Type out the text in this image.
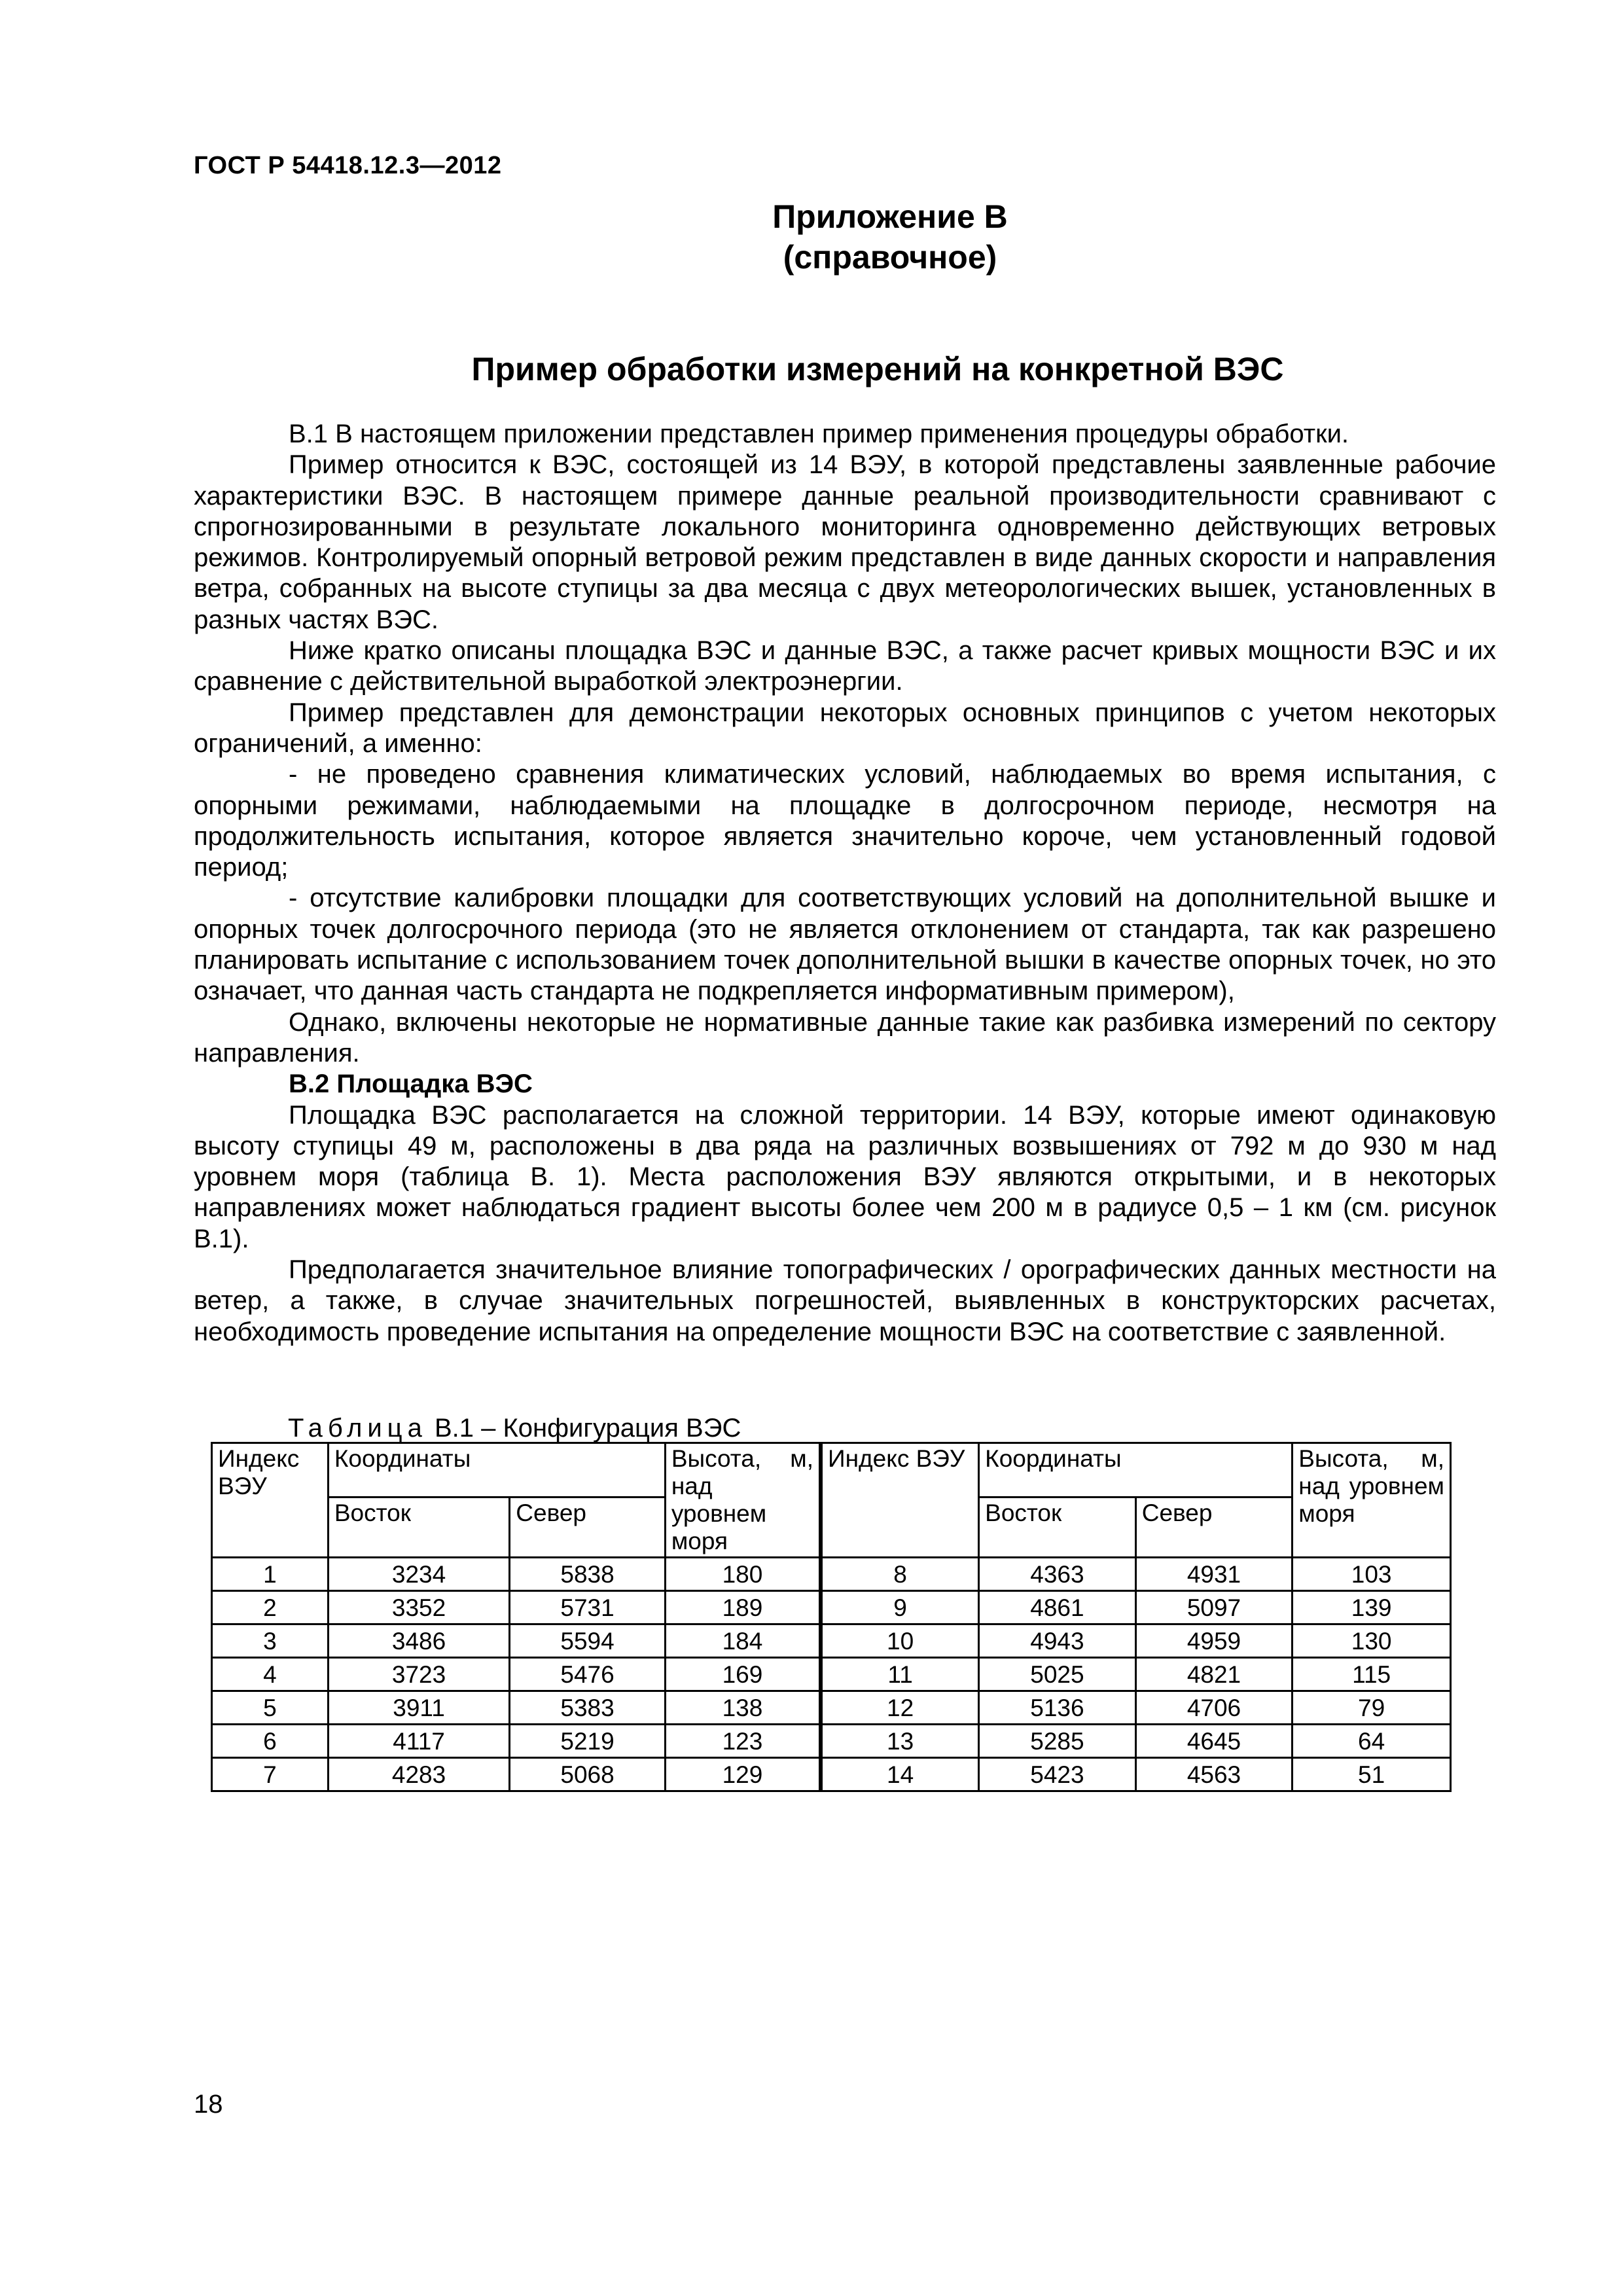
ГОСТ Р 54418.12.3—2012
Приложение В
(справочное)
Пример обработки измерений на конкретной ВЭС

В.1 В настоящем приложении представлен пример применения процедуры обработки.

Пример относится к ВЭС, состоящей из 14 ВЭУ, в которой представлены заявленные рабочие характеристики ВЭС. В настоящем примере данные реальной производительности сравнивают с спрогнозированными в результате локального мониторинга одновременно действующих ветровых режимов. Контролируемый опорный ветровой режим представлен в виде данных скорости и направления ветра, собранных на высоте ступицы за два месяца с двух метеорологических вышек, установленных в разных частях ВЭС.

Ниже кратко описаны площадка ВЭС и данные ВЭС, а также расчет кривых мощности ВЭС и их сравнение с действительной выработкой электроэнергии.

Пример представлен для демонстрации некоторых основных принципов с учетом некоторых ограничений, а именно:

- не проведено сравнения климатических условий, наблюдаемых во время испытания, с опорными режимами, наблюдаемыми на площадке в долгосрочном периоде, несмотря на продолжительность испытания, которое является значительно короче, чем установленный годовой период;

- отсутствие калибровки площадки для соответствующих условий на дополнительной вышке и опорных точек долгосрочного периода (это не является отклонением от стандарта, так как разрешено планировать испытание с использованием точек дополнительной вышки в качестве опорных точек, но это означает, что данная часть стандарта не подкрепляется информативным примером),

Однако, включены некоторые не нормативные данные такие как разбивка измерений по сектору направления.

В.2 Площадка ВЭС

Площадка ВЭС располагается на сложной территории. 14 ВЭУ, которые имеют одинаковую высоту ступицы 49 м, расположены в два ряда на различных возвышениях от 792 м до 930 м над уровнем моря (таблица В. 1). Места расположения ВЭУ являются открытыми, и в некоторых направлениях может наблюдаться градиент высоты более чем 200 м в радиусе 0,5 – 1 км (см. рисунок В.1).

Предполагается значительное влияние топографических / орографических данных местности на ветер, а также, в случае значительных погрешностей, выявленных в конструкторских расчетах, необходимость проведение испытания на определение мощности ВЭС на соответствие с заявленной.

Таблица В.1 – Конфигурация ВЭС
Индекс ВЭУ	Координаты		Высота, м, над уровнем моря	Индекс ВЭУ	Координаты		Высота, м, над уровнем моря
	Восток	Север			Восток	Север	
1	3234	5838	180	8	4363	4931	103
2	3352	5731	189	9	4861	5097	139
3	3486	5594	184	10	4943	4959	130
4	3723	5476	169	11	5025	4821	115
5	3911	5383	138	12	5136	4706	79
6	4117	5219	123	13	5285	4645	64
7	4283	5068	129	14	5423	4563	51
18
